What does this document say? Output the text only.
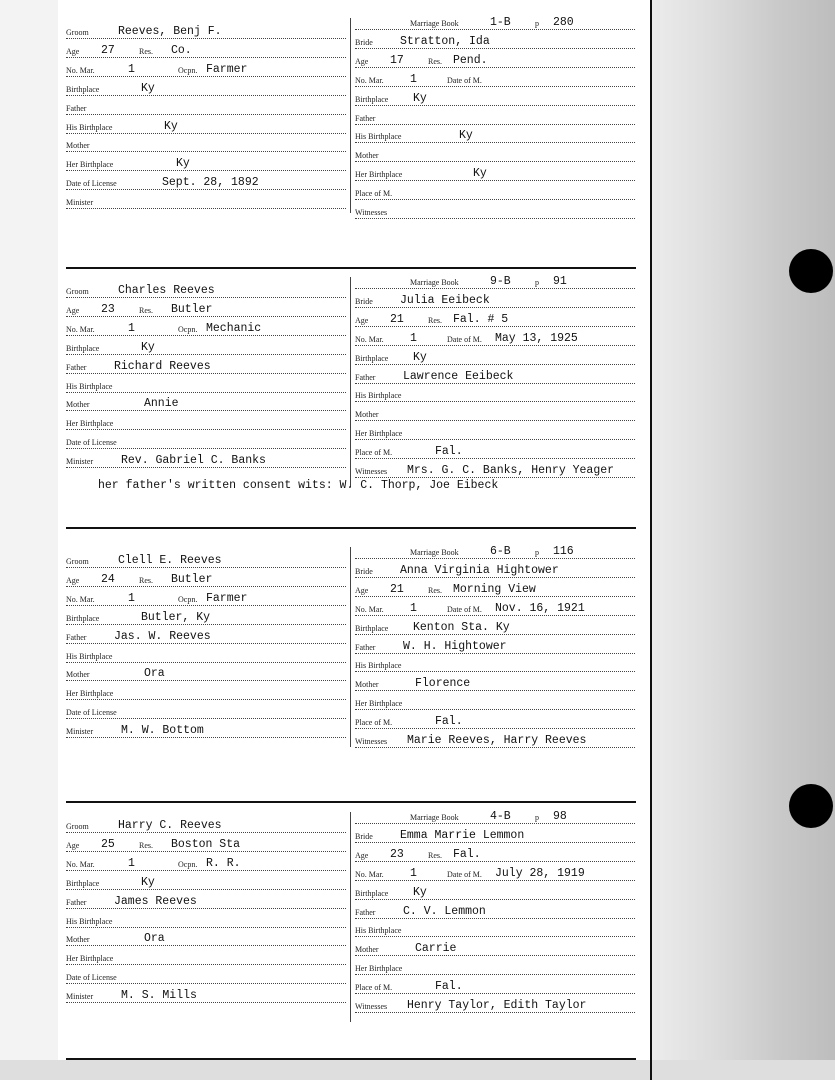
Groom	Reeves, Benj F.
Age 27	Res. Co.
No. Mar.	1	Ocpn. Farmer
Birthplace	Ky
Father
His Birthplace	Ky
Mother
Her Birthplace	Ky
Date of License	Sept. 28, 1892
Minister
Marriage Book	1-B	p 280
Bride Stratton, Ida
Age 17	Res. Pend.
No. Mar. 1	Date of M.
Birthplace Ky
Father
His Birthplace	Ky
Mother
Her Birthplace	Ky
Place of M.
Witnesses
Groom	Charles Reeves
Age 23	Res. Butler
No. Mar.	1	Ocpn. Mechanic
Birthplace	Ky
Father Richard Reeves
His Birthplace
Mother	Annie
Her Birthplace
Date of License
Minister Rev. Gabriel C. Banks
Marriage Book	9-B	p 91
Bride Julia Eeibeck
Age 21	Res. Fal. # 5
No. Mar. 1	Date of M. May 13, 1925
Birthplace Ky
Father Lawrence Eeibeck
His Birthplace
Mother
Her Birthplace
Place of M.	Fal.
Witnesses Mrs. G. C. Banks, Henry Yeager
her father's written consent wits: W. C. Thorp, Joe Eibeck
Groom	Clell E. Reeves
Age 24	Res. Butler
No. Mar.	1	Ocpn. Farmer
Birthplace	Butler, Ky
Father Jas. W. Reeves
His Birthplace
Mother	Ora
Her Birthplace
Date of License
Minister M. W. Bottom
Marriage Book	6-B	p 116
Bride Anna Virginia Hightower
Age 21	Res. Morning View
No. Mar. 1	Date of M. Nov. 16, 1921
Birthplace Kenton Sta. Ky
Father W. H. Hightower
His Birthplace
Mother	Florence
Her Birthplace
Place of M.	Fal.
Witnesses Marie Reeves, Harry Reeves
Groom	Harry C. Reeves
Age 25	Res. Boston Sta
No. Mar.	1	Ocpn. R. R.
Birthplace	Ky
Father James Reeves
His Birthplace
Mother	Ora
Her Birthplace
Date of License
Minister M. S. Mills
Marriage Book	4-B	p 98
Bride Emma Marrie Lemmon
Age 23	Res. Fal.
No. Mar. 1	Date of M. July 28, 1919
Birthplace Ky
Father C. V. Lemmon
His Birthplace
Mother	Carrie
Her Birthplace
Place of M.	Fal.
Witnesses Henry Taylor, Edith Taylor
